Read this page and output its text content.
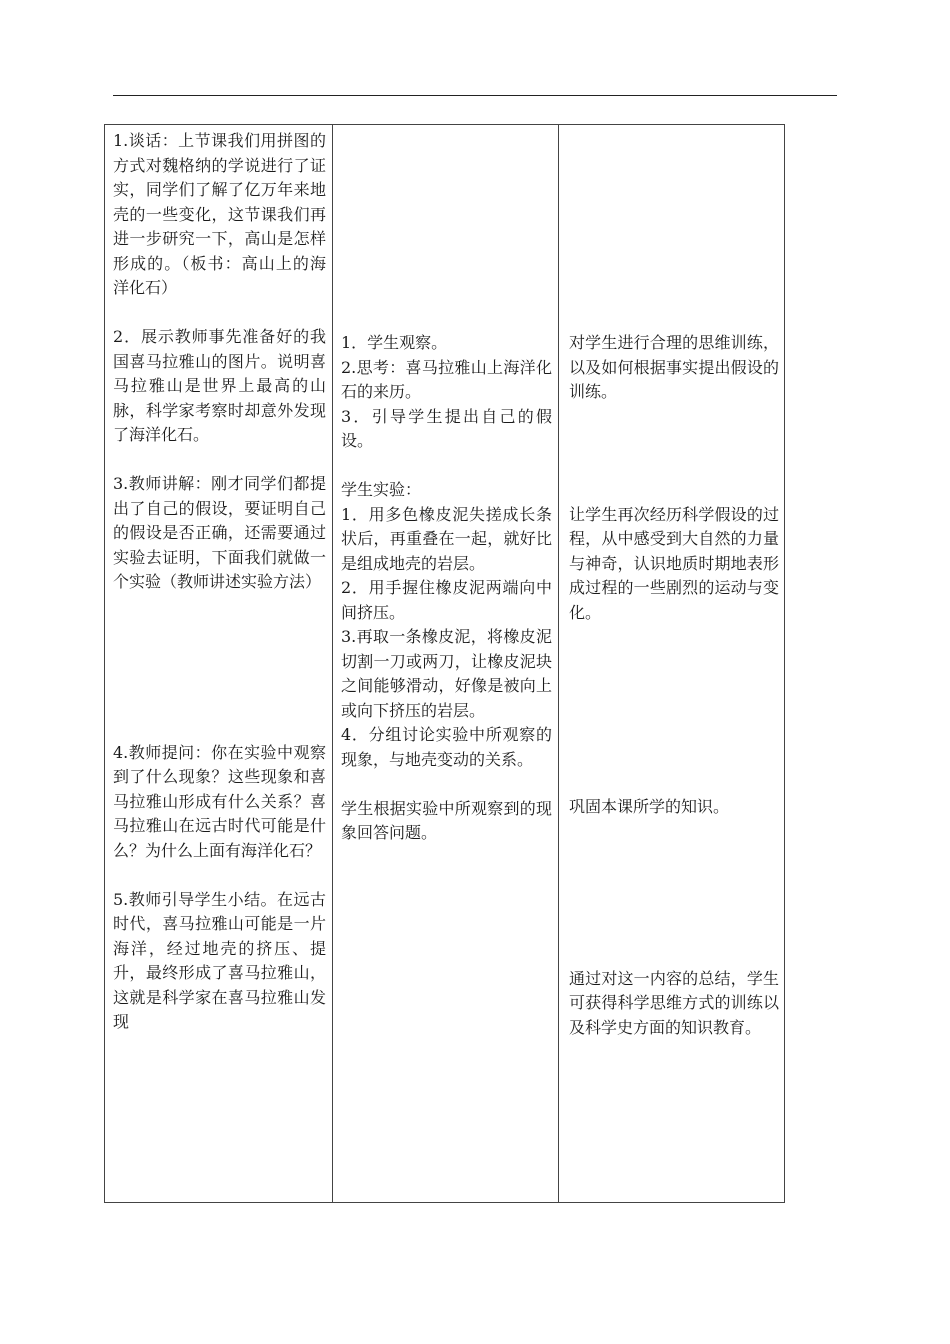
1.谈话：上节课我们用拼图的方式对魏格纳的学说进行了证实，同学们了解了亿万年来地壳的一些变化，这节课我们再进一步研究一下，高山是怎样形成的。（板书：高山上的海洋化石）

2．展示教师事先准备好的我国喜马拉雅山的图片。说明喜马拉雅山是世界上最高的山脉，科学家考察时却意外发现了海洋化石。

3.教师讲解：刚才同学们都提出了自己的假设，要证明自己的假设是否正确，还需要通过实验去证明，下面我们就做一个实验（教师讲述实验方法）

4.教师提问：你在实验中观察到了什么现象？这些现象和喜马拉雅山形成有什么关系？喜马拉雅山在远古时代可能是什么？为什么上面有海洋化石？

5.教师引导学生小结。在远古时代，喜马拉雅山可能是一片海洋，经过地壳的挤压、提升，最终形成了喜马拉雅山，这就是科学家在喜马拉雅山发现

1．学生观察。

2.思考：喜马拉雅山上海洋化石的来历。

3．引导学生提出自己的假设。

学生实验：

1．用多色橡皮泥失搓成长条状后，再重叠在一起，就好比是组成地壳的岩层。

2．用手握住橡皮泥两端向中间挤压。

3.再取一条橡皮泥，将橡皮泥切割一刀或两刀，让橡皮泥块之间能够滑动，好像是被向上或向下挤压的岩层。

4．分组讨论实验中所观察的现象，与地壳变动的关系。

学生根据实验中所观察到的现象回答问题。

对学生进行合理的思维训练，以及如何根据事实提出假设的训练。

让学生再次经历科学假设的过程，从中感受到大自然的力量与神奇，认识地质时期地表形成过程的一些剧烈的运动与变化。

巩固本课所学的知识。

通过对这一内容的总结，学生可获得科学思维方式的训练以及科学史方面的知识教育。
